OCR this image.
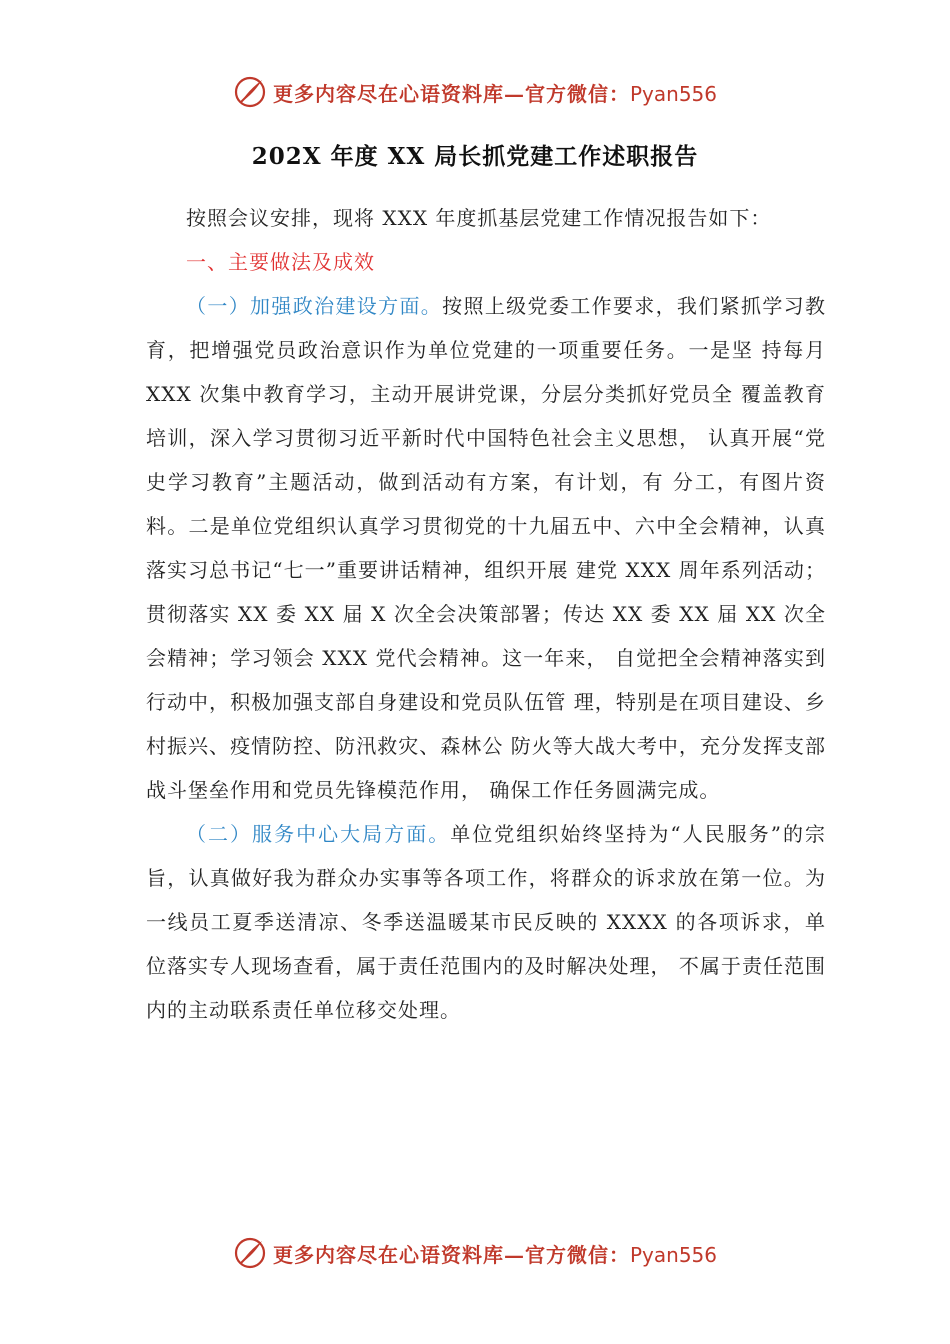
更多内容尽在心语资料库—官方微信：Pyan556
202X 年度 XX 局长抓党建工作述职报告

按照会议安排，现将 XXX 年度抓基层党建工作情况报告如下：

一、主要做法及成效

（一）加强政治建设方面。按照上级党委工作要求，我们紧抓学习教育，把增强党员政治意识作为单位党建的一项重要任务。一是坚 持每月 XXX 次集中教育学习，主动开展讲党课，分层分类抓好党员全 覆盖教育培训，深入学习贯彻习近平新时代中国特色社会主义思想， 认真开展“党史学习教育”主题活动，做到活动有方案，有计划，有 分工，有图片资料。二是单位党组织认真学习贯彻党的十九届五中、六中全会精神，认真落实习总书记“七一”重要讲话精神，组织开展 建党 XXX 周年系列活动；贯彻落实 XX 委 XX 届 X 次全会决策部署；传达 XX 委 XX 届 XX 次全会精神；学习领会 XXX 党代会精神。这一年来， 自觉把全会精神落实到行动中，积极加强支部自身建设和党员队伍管 理，特别是在项目建设、乡村振兴、疫情防控、防汛救灾、森林公 防火等大战大考中，充分发挥支部战斗堡垒作用和党员先锋模范作用， 确保工作任务圆满完成。

（二）服务中心大局方面。单位党组织始终坚持为“人民服务”的宗旨，认真做好我为群众办实事等各项工作，将群众的诉求放在第一位。为一线员工夏季送清凉、冬季送温暖某市民反映的 XXXX 的各项诉求，单位落实专人现场查看，属于责任范围内的及时解决处理， 不属于责任范围内的主动联系责任单位移交处理。

更多内容尽在心语资料库—官方微信：Pyan556
